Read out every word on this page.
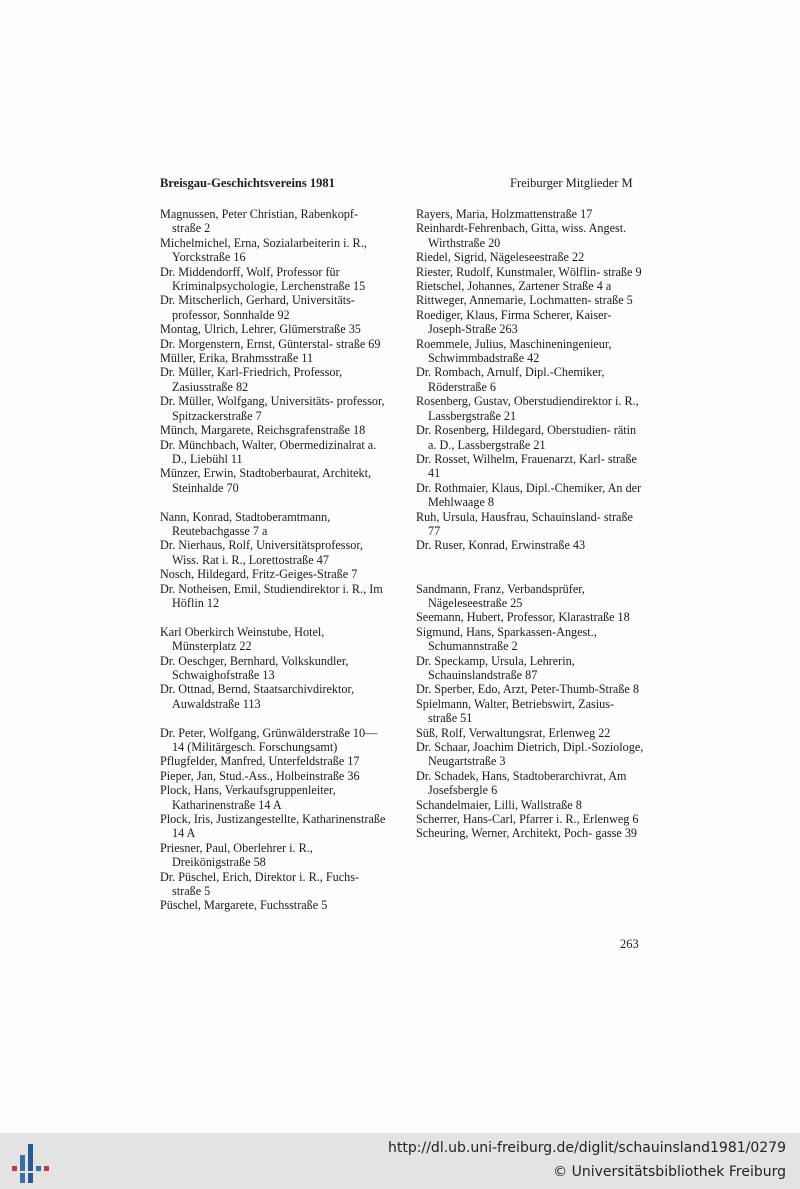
Breisgau-Geschichtsvereins 1981	Freiburger Mitglieder M

Magnussen, Peter Christian, Rabenkopf- straße 2

Michelmichel, Erna, Sozialarbeiterin i. R., Yorckstraße 16

Dr. Middendorff, Wolf, Professor für Kriminalpsychologie, Lerchenstraße 15

Dr. Mitscherlich, Gerhard, Universitäts- professor, Sonnhalde 92

Montag, Ulrich, Lehrer, Glümerstraße 35

Dr. Morgenstern, Ernst, Günterstal- straße 69

Müller, Erika, Brahmsstraße 11

Dr. Müller, Karl-Friedrich, Professor, Zasiusstraße 82

Dr. Müller, Wolfgang, Universitäts- professor, Spitzackerstraße 7

Münch, Margarete, Reichsgrafenstraße 18

Dr. Münchbach, Walter, Obermedizinalrat a. D., Liebühl 11

Münzer, Erwin, Stadtoberbaurat, Architekt, Steinhalde 70

Nann, Konrad, Stadtoberamtmann, Reutebachgasse 7 a

Dr. Nierhaus, Rolf, Universitätsprofessor, Wiss. Rat i. R., Lorettostraße 47

Nosch, Hildegard, Fritz-Geiges-Straße 7

Dr. Notheisen, Emil, Studiendirektor i. R., Im Höflin 12

Karl Oberkirch Weinstube, Hotel, Münsterplatz 22

Dr. Oeschger, Bernhard, Volkskundler, Schwaighofstraße 13

Dr. Ottnad, Bernd, Staatsarchivdirektor, Auwaldstraße 113

Dr. Peter, Wolfgang, Grünwälderstraße 10—14 (Militärgesch. Forschungsamt)

Pflugfelder, Manfred, Unterfeldstraße 17

Pieper, Jan, Stud.-Ass., Holbeinstraße 36

Plock, Hans, Verkaufsgruppenleiter, Katharinenstraße 14 A

Plock, Iris, Justizangestellte, Katharinenstraße 14 A

Priesner, Paul, Oberlehrer i. R., Dreikönigstraße 58

Dr. Püschel, Erich, Direktor i. R., Fuchs- straße 5

Püschel, Margarete, Fuchsstraße 5

Rayers, Maria, Holzmattenstraße 17

Reinhardt-Fehrenbach, Gitta, wiss. Angest. Wirthstraße 20

Riedel, Sigrid, Nägeleseestraße 22

Riester, Rudolf, Kunstmaler, Wölflin- straße 9

Rietschel, Johannes, Zartener Straße 4 a

Rittweger, Annemarie, Lochmatten- straße 5

Roediger, Klaus, Firma Scherer, Kaiser-Joseph-Straße 263

Roemmele, Julius, Maschineningenieur, Schwimmbadstraße 42

Dr. Rombach, Arnulf, Dipl.-Chemiker, Röderstraße 6

Rosenberg, Gustav, Oberstudiendirektor i. R., Lassbergstraße 21

Dr. Rosenberg, Hildegard, Oberstudien- rätin a. D., Lassbergstraße 21

Dr. Rosset, Wilhelm, Frauenarzt, Karl- straße 41

Dr. Rothmaier, Klaus, Dipl.-Chemiker, An der Mehlwaage 8

Ruh, Ursula, Hausfrau, Schauinsland- straße 77

Dr. Ruser, Konrad, Erwinstraße 43

Sandmann, Franz, Verbandsprüfer, Nägeleseestraße 25

Seemann, Hubert, Professor, Klarastraße 18

Sigmund, Hans, Sparkassen-Angest., Schumannstraße 2

Dr. Speckamp, Ursula, Lehrerin, Schauinslandstraße 87

Dr. Sperber, Edo, Arzt, Peter-Thumb-Straße 8

Spielmann, Walter, Betriebswirt, Zasius- straße 51

Süß, Rolf, Verwaltungsrat, Erlenweg 22

Dr. Schaar, Joachim Dietrich, Dipl.-Soziologe, Neugartstraße 3

Dr. Schadek, Hans, Stadtoberarchivrat, Am Josefsbergle 6

Schandelmaier, Lilli, Wallstraße 8

Scherrer, Hans-Carl, Pfarrer i. R., Erlenweg 6

Scheuring, Werner, Architekt, Poch- gasse 39

263
http://dl.ub.uni-freiburg.de/diglit/schauinsland1981/0279
© Universitätsbibliothek Freiburg
